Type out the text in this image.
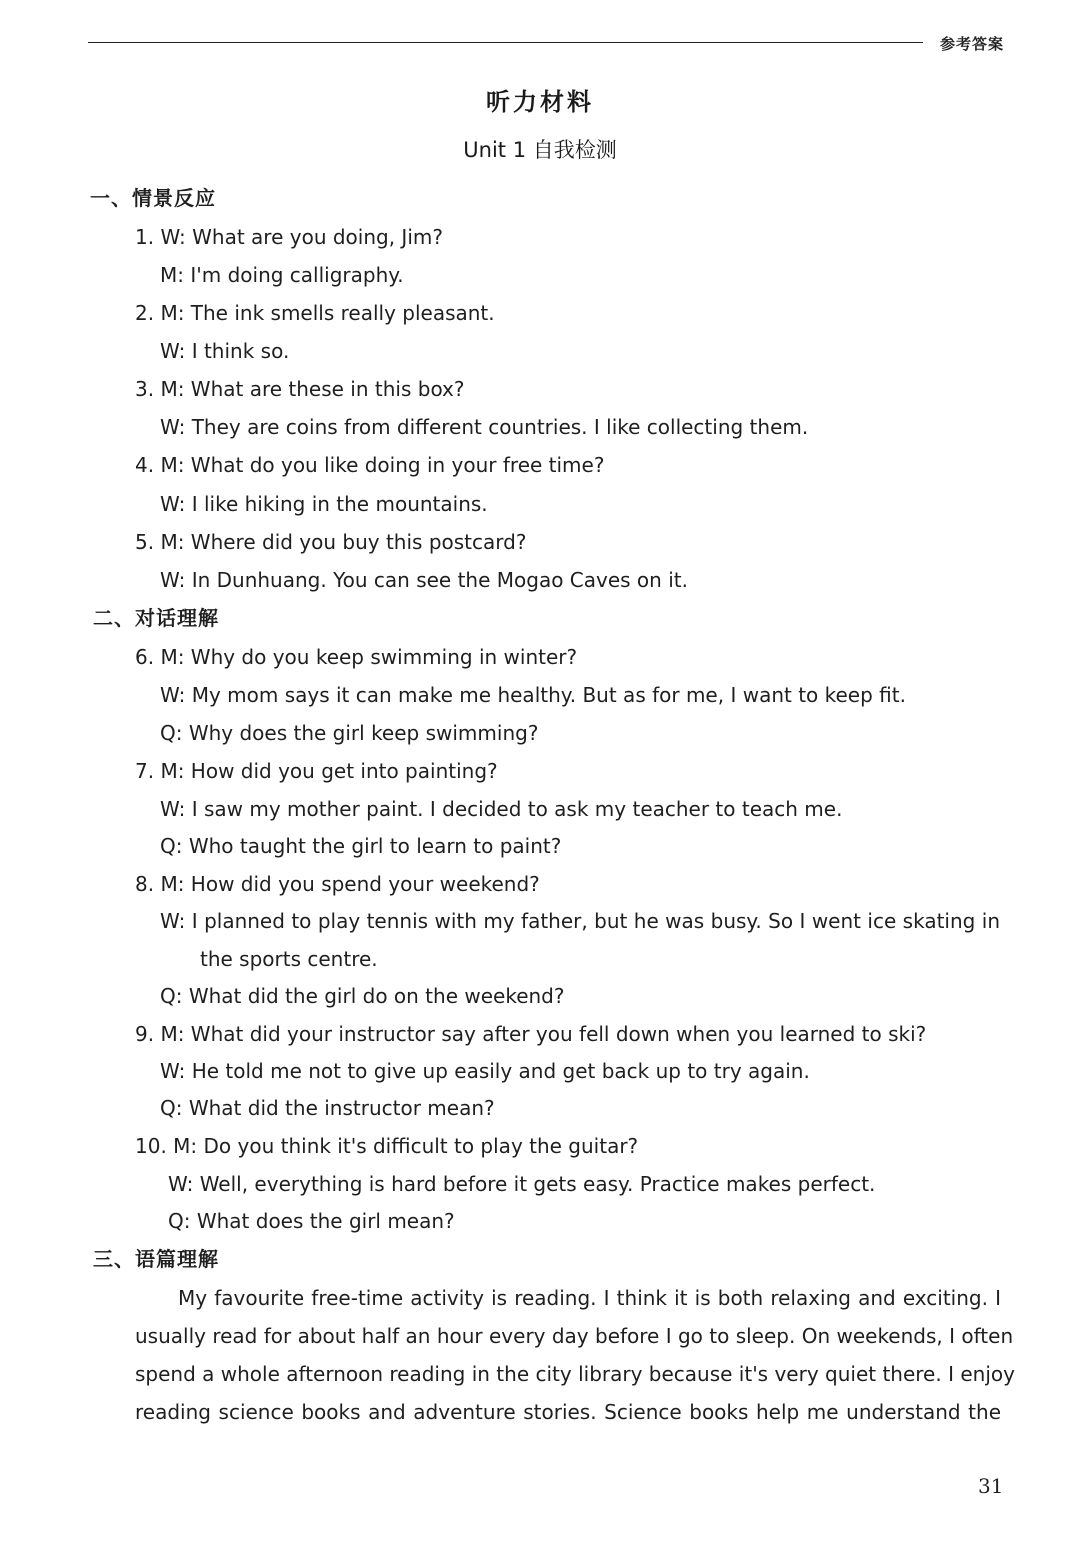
参考答案
听力材料
Unit 1 自我检测
一、情景反应
1. W: What are you doing, Jim?
M: I'm doing calligraphy.
2. M: The ink smells really pleasant.
W: I think so.
3. M: What are these in this box?
W: They are coins from different countries. I like collecting them.
4. M: What do you like doing in your free time?
W: I like hiking in the mountains.
5. M: Where did you buy this postcard?
W: In Dunhuang. You can see the Mogao Caves on it.
二、对话理解
6. M: Why do you keep swimming in winter?
W: My mom says it can make me healthy. But as for me, I want to keep fit.
Q: Why does the girl keep swimming?
7. M: How did you get into painting?
W: I saw my mother paint. I decided to ask my teacher to teach me.
Q: Who taught the girl to learn to paint?
8. M: How did you spend your weekend?
W: I planned to play tennis with my father, but he was busy. So I went ice skating in
the sports centre.
Q: What did the girl do on the weekend?
9. M: What did your instructor say after you fell down when you learned to ski?
W: He told me not to give up easily and get back up to try again.
Q: What did the instructor mean?
10. M: Do you think it's difficult to play the guitar?
W: Well, everything is hard before it gets easy. Practice makes perfect.
Q: What does the girl mean?
三、语篇理解
My favourite free-time activity is reading. I think it is both relaxing and exciting. I
usually read for about half an hour every day before I go to sleep. On weekends, I often
spend a whole afternoon reading in the city library because it's very quiet there. I enjoy
reading science books and adventure stories. Science books help me understand the
31
